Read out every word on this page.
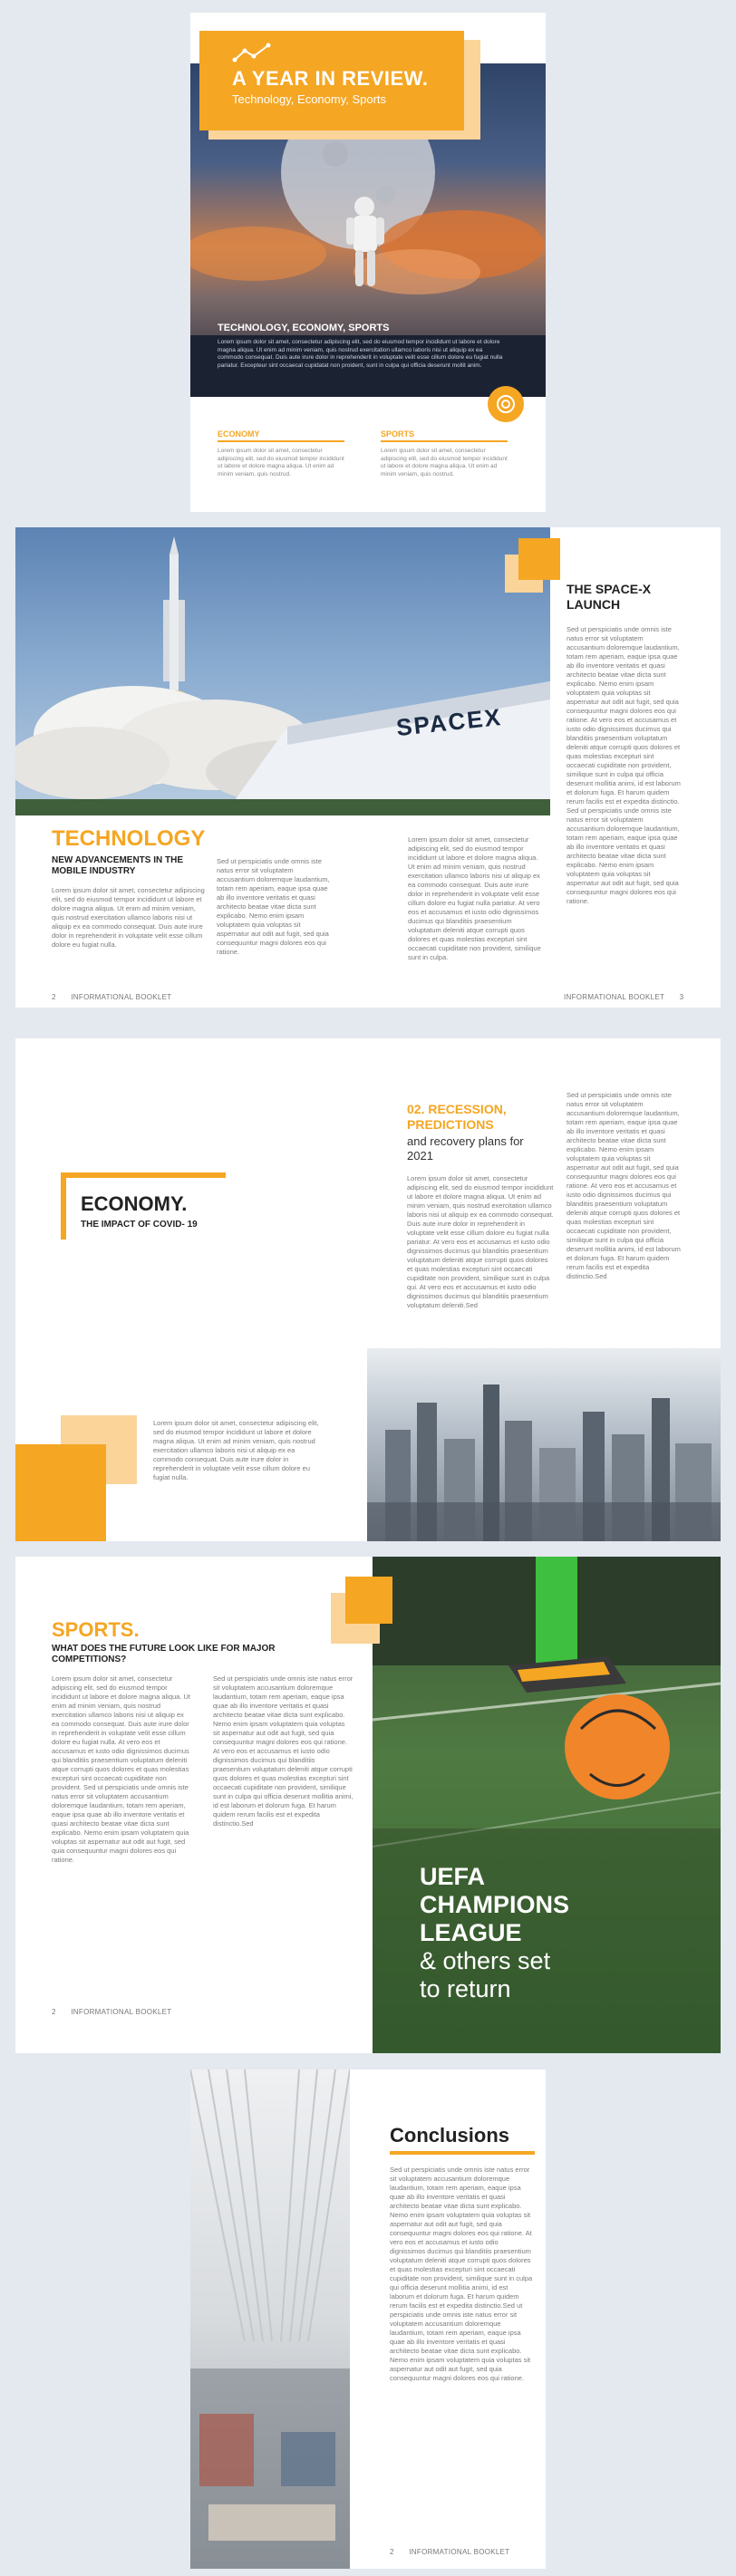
A YEAR IN REVIEW.
Technology, Economy, Sports
TECHNOLOGY, ECONOMY, SPORTS
Lorem ipsum dolor sit amet, consectetur adipiscing elit, sed do eiusmod tempor incididunt ut labore et dolore magna aliqua. Ut enim ad minim veniam, quis nostrud exercitation ullamco laboris nisi ut aliquip ex ea commodo consequat. Duis aute irure dolor in reprehenderit in voluptate velit esse cillum dolore eu fugiat nulla pariatur. Excepteur sint occaecat cupidatat non proident, sunt in culpa qui officia deserunt mollit anim.
ECONOMY
Lorem ipsum dolor sit amet, consectetur adipiscing elit, sed do eiusmod tempor incididunt ut labore et dolore magna aliqua. Ut enim ad minim veniam, quis nostrud.
SPORTS
Lorem ipsum dolor sit amet, consectetur adipiscing elit, sed do eiusmod tempor incididunt ut labore et dolore magna aliqua. Ut enim ad minim veniam, quis nostrud.
SPACEX
THE SPACE-X LAUNCH
Sed ut perspiciatis unde omnis iste natus error sit voluptatem accusantium doloremque laudantium, totam rem aperiam, eaque ipsa quae ab illo inventore veritatis et quasi architecto beatae vitae dicta sunt explicabo. Nemo enim ipsam voluptatem quia voluptas sit aspernatur aut odit aut fugit, sed quia consequuntur magni dolores eos qui ratione. At vero eos et accusamus et iusto odio dignissimos ducimus qui blanditiis praesentium voluptatum deleniti atque corrupti quos dolores et quas molestias excepturi sint occaecati cupiditate non provident, similique sunt in culpa qui officia deserunt mollitia animi, id est laborum et dolorum fuga. Et harum quidem rerum facilis est et expedita distinctio. Sed ut perspiciatis unde omnis iste natus error sit voluptatem accusantium doloremque laudantium, totam rem aperiam, eaque ipsa quae ab illo inventore veritatis et quasi architecto beatae vitae dicta sunt explicabo. Nemo enim ipsam voluptatem quia voluptas sit aspernatur aut odit aut fugit, sed quia consequuntur magni dolores eos qui ratione.
TECHNOLOGY
NEW ADVANCEMENTS IN THE MOBILE INDUSTRY
Lorem ipsum dolor sit amet, consectetur adipiscing elit, sed do eiusmod tempor incididunt ut labore et dolore magna aliqua. Ut enim ad minim veniam, quis nostrud exercitation ullamco laboris nisi ut aliquip ex ea commodo consequat. Duis aute irure dolor in reprehenderit in voluptate velit esse cillum dolore eu fugiat nulla.
Sed ut perspiciatis unde omnis iste natus error sit voluptatem accusantium doloremque laudantium, totam rem aperiam, eaque ipsa quae ab illo inventore veritatis et quasi architecto beatae vitae dicta sunt explicabo. Nemo enim ipsam voluptatem quia voluptas sit aspernatur aut odit aut fugit, sed quia consequuntur magni dolores eos qui ratione.
Lorem ipsum dolor sit amet, consectetur adipiscing elit, sed do eiusmod tempor incididunt ut labore et dolore magna aliqua. Ut enim ad minim veniam, quis nostrud exercitation ullamco laboris nisi ut aliquip ex ea commodo consequat. Duis aute irure dolor in reprehenderit in voluptate velit esse cillum dolore eu fugiat nulla pariatur. At vero eos et accusamus et iusto odio dignissimos ducimus qui blanditiis praesentium voluptatum deleniti atque corrupti quos dolores et quas molestias excepturi sint occaecati cupiditate non provident, similique sunt in culpa.
2 INFORMATIONAL BOOKLET	INFORMATIONAL BOOKLET 3
ECONOMY.
THE IMPACT OF COVID- 19
02. RECESSION, PREDICTIONS
and recovery plans for 2021
Lorem ipsum dolor sit amet, consectetur adipiscing elit, sed do eiusmod tempor incididunt ut labore et dolore magna aliqua. Ut enim ad minim veniam, quis nostrud exercitation ullamco laboris nisi ut aliquip ex ea commodo consequat. Duis aute irure dolor in reprehenderit in voluptate velit esse cillum dolore eu fugiat nulla pariatur. At vero eos et accusamus et iusto odio dignissimos ducimus qui blanditiis praesentium voluptatum deleniti atque corrupti quos dolores et quas molestias excepturi sint occaecati cupiditate non provident, similique sunt in culpa qui. At vero eos et accusamus et iusto odio dignissimos ducimus qui blanditiis praesentium voluptatum deleniti.Sed
Sed ut perspiciatis unde omnis iste natus error sit voluptatem accusantium doloremque laudantium, totam rem aperiam, eaque ipsa quae ab illo inventore veritatis et quasi architecto beatae vitae dicta sunt explicabo. Nemo enim ipsam voluptatem quia voluptas sit aspernatur aut odit aut fugit, sed quia consequuntur magni dolores eos qui ratione. At vero eos et accusamus et iusto odio dignissimos ducimus qui blanditiis praesentium voluptatum deleniti atque corrupti quos dolores et quas molestias excepturi sint occaecati cupiditate non provident, similique sunt in culpa qui officia deserunt mollitia animi, id est laborum et dolorum fuga. Et harum quidem rerum facilis est et expedita distinctio.Sed
Lorem ipsum dolor sit amet, consectetur adipiscing elit, sed do eiusmod tempor incididunt ut labore et dolore magna aliqua. Ut enim ad minim veniam, quis nostrud exercitation ullamco laboris nisi ut aliquip ex ea commodo consequat. Duis aute irure dolor in reprehenderit in voluptate velit esse cillum dolore eu fugiat nulla.
UEFA
CHAMPIONS
LEAGUE
& others set
to return
SPORTS.
WHAT DOES THE FUTURE LOOK LIKE FOR MAJOR COMPETITIONS?
Lorem ipsum dolor sit amet, consectetur adipiscing elit, sed do eiusmod tempor incididunt ut labore et dolore magna aliqua. Ut enim ad minim veniam, quis nostrud exercitation ullamco laboris nisi ut aliquip ex ea commodo consequat. Duis aute irure dolor in reprehenderit in voluptate velit esse cillum dolore eu fugiat nulla. At vero eos et accusamus et iusto odio dignissimos ducimus qui blanditiis praesentium voluptatum deleniti atque corrupti quos dolores et quas molestias excepturi sint occaecati cupiditate non provident. Sed ut perspiciatis unde omnis iste natus error sit voluptatem accusantium doloremque laudantium, totam rem aperiam, eaque ipsa quae ab illo inventore veritatis et quasi architecto beatae vitae dicta sunt explicabo. Nemo enim ipsam voluptatem quia voluptas sit aspernatur aut odit aut fugit, sed quia consequuntur magni dolores eos qui ratione.
Sed ut perspiciatis unde omnis iste natus error sit voluptatem accusantium doloremque laudantium, totam rem aperiam, eaque ipsa quae ab illo inventore veritatis et quasi architecto beatae vitae dicta sunt explicabo. Nemo enim ipsam voluptatem quia voluptas sit aspernatur aut odit aut fugit, sed quia consequuntur magni dolores eos qui ratione. At vero eos et accusamus et iusto odio dignissimos ducimus qui blanditiis praesentium voluptatum deleniti atque corrupti quos dolores et quas molestias excepturi sint occaecati cupiditate non provident, similique sunt in culpa qui officia deserunt mollitia animi, id est laborum et dolorum fuga. Et harum quidem rerum facilis est et expedita distinctio.Sed
2 INFORMATIONAL BOOKLET
Conclusions
Sed ut perspiciatis unde omnis iste natus error sit voluptatem accusantium doloremque laudantium, totam rem aperiam, eaque ipsa quae ab illo inventore veritatis et quasi architecto beatae vitae dicta sunt explicabo. Nemo enim ipsam voluptatem quia voluptas sit aspernatur aut odit aut fugit, sed quia consequuntur magni dolores eos qui ratione. At vero eos et accusamus et iusto odio dignissimos ducimus qui blanditiis praesentium voluptatum deleniti atque corrupti quos dolores et quas molestias excepturi sint occaecati cupiditate non provident, similique sunt in culpa qui officia deserunt mollitia animi, id est laborum et dolorum fuga. Et harum quidem rerum facilis est et expedita distinctio.Sed ut perspiciatis unde omnis iste natus error sit voluptatem accusantium doloremque laudantium, totam rem aperiam, eaque ipsa quae ab illo inventore veritatis et quasi architecto beatae vitae dicta sunt explicabo. Nemo enim ipsam voluptatem quia voluptas sit aspernatur aut odit aut fugit, sed quia consequuntur magni dolores eos qui ratione.
2 INFORMATIONAL BOOKLET
